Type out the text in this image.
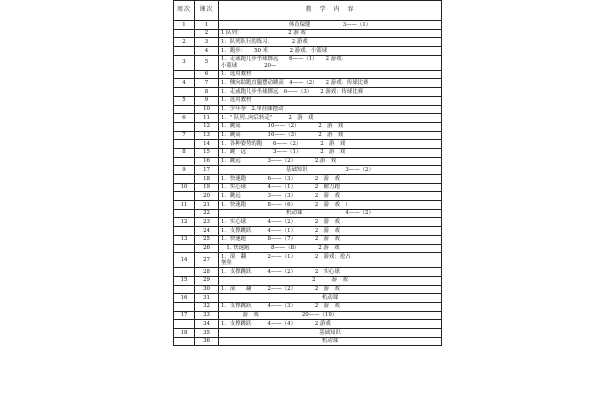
周次	课次	教　学　内　容
1	1	体育保健　　　　　　3——（1）
	2	1 队列：　　　　　　　　　2 游 戏
2	3	1．队列队行的练习．　　　　2 游戏
	4	1．跑步：　　50 米　　　　2 游戏．小篮球
3	5	1．走或跑儿步坐球掷远　　6——（1）　　2 游戏：
小篮球　　　　　20—
	6	1．选用教材
4	7	1．侧向助跑直腿摆动跳高　4——（2）　　2 游戏：传球比赛
	8	1．走或跑儿步坐球掷远　6——（3）　　2 游戏：传球比赛
5	9	1．选用教材
	10	1．少年拳　2.单挂膝摆动
6	11	1．" 队列..向后转走"　　　2　游　戏
	12	1．跳高　　　　　10——（2）　　　　2　游　戏
7	13	1．跳高　　　　　10——（3）　　　　2　游　戏
	14	1．各种姿势的跑　　6——（2）　　　　2　游　戏
8	15	1．跳　远　　　　　3——（1）　　　　2　游　戏
	16	1．跳远　　　　　3——（2）　　　　2.游　戏
9	17	基础知识　　　　　　　3——（2）
	18	1．快速跑　　　　6——（3）　　　　2　游　戏
10	19	1．实心球　　　　4——（1）　　　　2　耐力跑
	20	1．跳远　　　　　3——（3）　　　　2　游　戏
11	21	1．快速跑　　　　8——（6）　　　　2　游　戏　）
	22	机动课　　　　　　　　4——（2）
12	23	1．实心球　　　　4——（2）　　　　2　游　戏
	24	1．支撑跳跃　　　4——（1）　　　　2　游　戏
13	25	1．快速跑　　　　8——（7）　　　　2　游　戏
	26	　1. 快速跑　　　　8——（8）　　　　2 游　戏
14	27	1．滚　翻　　　　2——（1）　　　　2　游戏：抢占
堡垒
	28	1．支撑跳跃　　　4——（2）　　　　2　实心球
15	29	2　　　游　戏
	30	1．滚　　翻　　　2——（2）　　　　2　游　戏
16	31	机动课
	32	1．支撑跳跃　　　4——（3）　　　　2　游　戏
17	33	　　　　游　戏　　　　　　　　20——（19）
	34	1．支撑跳跃　　　4——（4）　　　　2 游戏
18	35	基础知识
	36	机动课
